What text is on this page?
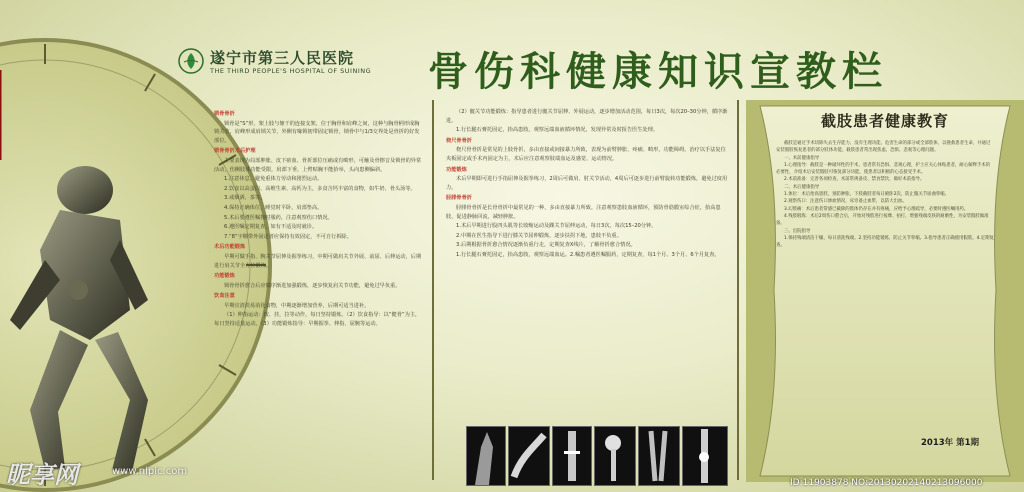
遂宁市第三人民医院
THE THIRD PEOPLE'S HOSPITAL OF SUINING 骨伤科健康知识宣教栏

锁骨骨折

锁骨是“S”形，架上肢与躯干的连接支架，位于胸骨和肩峰之间，这种与胸骨柄形成胸锁关节，肩峰形成肩锁关节，外侧有喙锁韧带固定锁骨，锁骨中与1/3交界处是骨折的好发部位。

锁骨骨折术后护理

主要表现为局部肿胀、皮下瘀血、骨折部位压痛或有畸形，可触及骨擦音及锁骨的异常活动，伤侧肢体功能受限，肩部下垂，上臂贴胸不能抬举，头向患侧偏斜。

1.注意休息，避免重体力劳动和剧烈运动。

2.饮食以高蛋白、高维生素、高钙为主，多食含钙丰富的食物，如牛奶、骨头汤等。

3.戒烟酒、茶等。

4.保持正确体位，睡觉时平卧，肩部垫高。

5.术后要遵医嘱按时服药，注意观察伤口情况。

6.遵医嘱定期复查，如有不适及时就诊。

7.“8”字绷带外固定者应保持有效固定，不可自行拆除。

术后功能锻炼

早期可做手指、腕关节屈伸及握拳练习，中期可做肩关节外展、前屈、后伸运动，后期进行肩关节全方位锻炼。

功能锻炼

锁骨骨折愈合后应循序渐进加强锻炼，逐步恢复肩关节功能，避免过早负重。

饮食注意

早期宜清淡易消化食物，中期逐渐增加营养，后期可适当进补。

（1）伸指运动：按、挂，拉等动作，每日坚持锻炼。（2）饮食指导：以“健骨”为主，每日坚持适量运动。（3）功能锻炼指导：早期握拳、伸指、屈腕等运动。

（2）髋关节功能锻炼：指导患者进行髋关节屈伸、外展运动，逐步增加活动范围，每日3次，每次20–30分钟，循序渐进。

1.行长腿石膏托固定，抬高患肢，观察远端血液循环情况，发现异常及时报告医生处理。

桡尺骨骨折

桡尺骨骨折是常见的上肢骨折，多由直接或间接暴力所致，表现为前臂肿胀、疼痛、畸形，功能障碍。治疗以手法复位夹板固定或手术内固定为主，术后应注意观察肢端血运及感觉、运动情况。

功能锻炼

术后早期即可进行手指屈伸及握拳练习，2周后可做肩、肘关节活动，4周后可逐步进行前臂旋转功能锻炼，避免过度用力。

胫腓骨骨折

胫腓骨骨折是长骨骨折中最常见的一种，多由直接暴力所致。注意观察患肢血液循环，预防骨筋膜室综合征，抬高患肢，促进静脉回流，减轻肿胀。

1.术后早期进行股四头肌等长收缩运动及踝关节屈伸运动，每日3次，每次15–20分钟。

2.中期在医生指导下进行膝关节屈伸锻炼，逐步扶拐下地，患肢不负重。

3.后期根据骨折愈合情况逐渐负重行走，定期复查X线片，了解骨折愈合情况。

1.行长腿石膏托固定，抬高患肢，观察远端血运。2.嘱患者遵医嘱服药，定期复查，每1个月、3个月、6个月复查。

截肢患者健康教育

截肢是通过手术切除失去生存能力、没有生理功能、危害生命的部分或全部肢体，以挽救患者生命，并通过安装假肢恢复患者的部分肢体功能。截肢患者常出现焦虑、恐惧、悲观等心理问题。

一、术前健康指导

1.心理指导：截肢是一种破坏性的手术，患者常有恐惧、悲观心理，护士应关心体贴患者，耐心解释手术的必要性，介绍术后安装假肢可恢复部分功能，使患者以积极的心态接受手术。

2.术前准备：完善各项检查，术前常规备皮、禁食禁饮，做好术前指导。

二、术后健康指导

1.体位：术后抬高患肢，预防肿胀，下肢截肢者每日俯卧2次，防止髋关节屈曲挛缩。

2.观察伤口：注意伤口渗血情况，床旁备止血带，以防大出血。

3.幻肢痛：术后患者常感已截除的肢体仍存在并有疼痛，应给予心理疏导，必要时遵医嘱用药。

4.残肢锻炼：术后2周伤口愈合后，开始对残肢进行按摩、拍打，增强残端皮肤的耐磨性，为安装假肢做准备。

三、出院指导

1.保持残端清洁干燥，每日清洗残端。2.坚持功能锻炼，防止关节挛缩。3.指导患者正确使用假肢。4.定期复查。

2013年 第1期
昵享网	www.nipic.com
ID:11903878 NO:20130202140213096000
